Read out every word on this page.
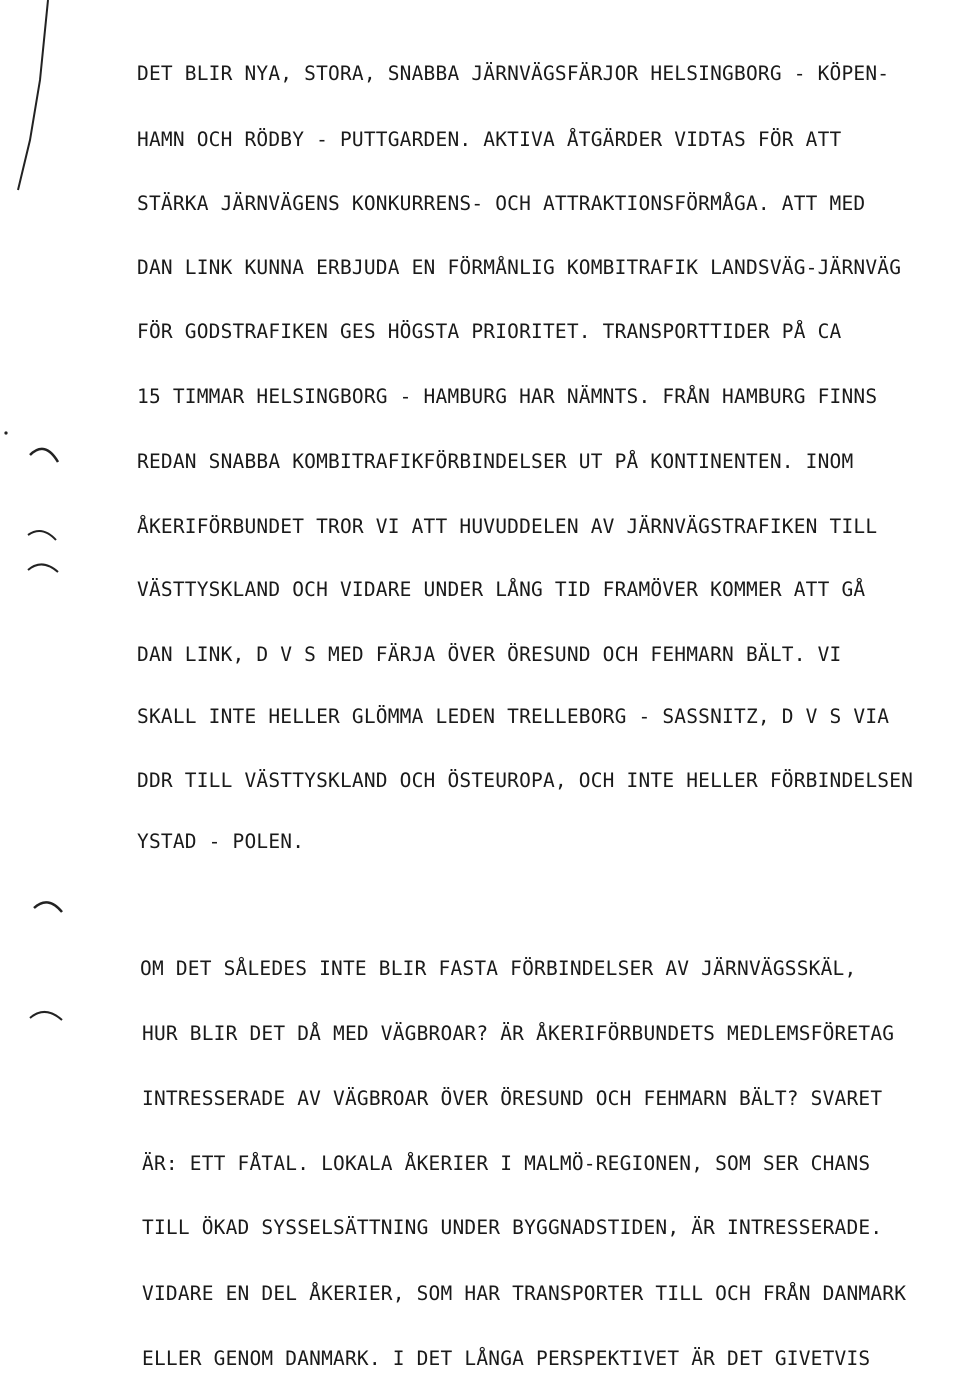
DET BLIR NYA, STORA, SNABBA JÄRNVÄGSFÄRJOR HELSINGBORG - KÖPEN-
HAMN OCH RÖDBY - PUTTGARDEN. AKTIVA ÅTGÄRDER VIDTAS FÖR ATT
STÄRKA JÄRNVÄGENS KONKURRENS- OCH ATTRAKTIONSFÖRMÅGA. ATT MED
DAN LINK KUNNA ERBJUDA EN FÖRMÅNLIG KOMBITRAFIK LANDSVÄG-JÄRNVÄG
FÖR GODSTRAFIKEN GES HÖGSTA PRIORITET. TRANSPORTTIDER PÅ CA
15 TIMMAR HELSINGBORG - HAMBURG HAR NÄMNTS. FRÅN HAMBURG FINNS
REDAN SNABBA KOMBITRAFIKFÖRBINDELSER UT PÅ KONTINENTEN. INOM
ÅKERIFÖRBUNDET TROR VI ATT HUVUDDELEN AV JÄRNVÄGSTRAFIKEN TILL
VÄSTTYSKLAND OCH VIDARE UNDER LÅNG TID FRAMÖVER KOMMER ATT GÅ
DAN LINK, D V S MED FÄRJA ÖVER ÖRESUND OCH FEHMARN BÄLT. VI
SKALL INTE HELLER GLÖMMA LEDEN TRELLEBORG - SASSNITZ, D V S VIA
DDR TILL VÄSTTYSKLAND OCH ÖSTEUROPA, OCH INTE HELLER FÖRBINDELSEN
YSTAD - POLEN.
OM DET SÅLEDES INTE BLIR FASTA FÖRBINDELSER AV JÄRNVÄGSSKÄL,
HUR BLIR DET DÅ MED VÄGBROAR? ÄR ÅKERIFÖRBUNDETS MEDLEMSFÖRETAG
INTRESSERADE AV VÄGBROAR ÖVER ÖRESUND OCH FEHMARN BÄLT? SVARET
ÄR: ETT FÅTAL. LOKALA ÅKERIER I MALMÖ-REGIONEN, SOM SER CHANS
TILL ÖKAD SYSSELSÄTTNING UNDER BYGGNADSTIDEN, ÄR INTRESSERADE.
VIDARE EN DEL ÅKERIER, SOM HAR TRANSPORTER TILL OCH FRÅN DANMARK
ELLER GENOM DANMARK. I DET LÅNGA PERSPEKTIVET ÄR DET GIVETVIS
